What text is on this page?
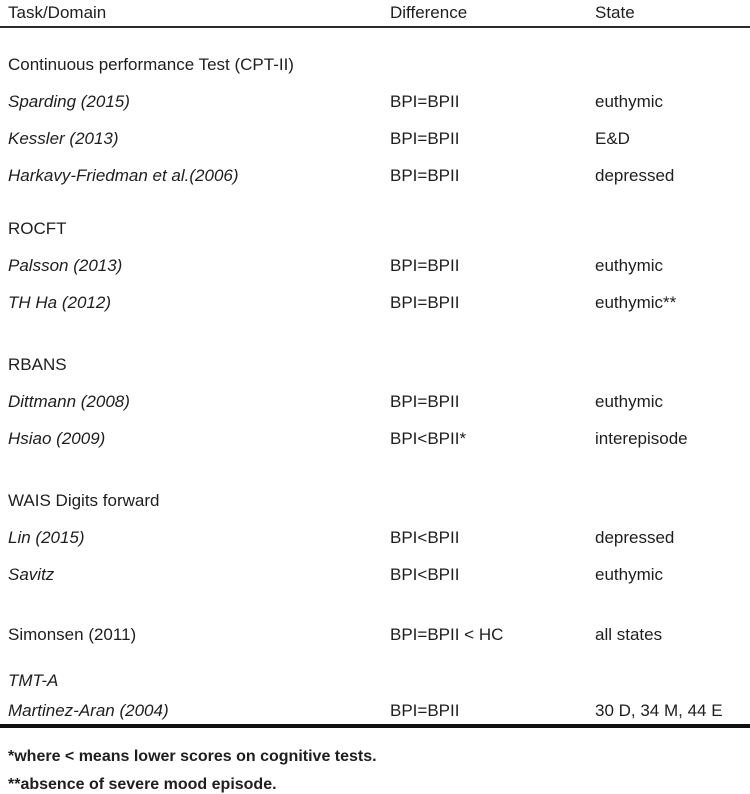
Task/Domain	Difference	State
Continuous performance Test (CPT-II)
Sparding (2015)	BPI=BPII	euthymic
Kessler (2013)	BPI=BPII	E&D
Harkavy-Friedman et al.(2006)	BPI=BPII	depressed
ROCFT
Palsson (2013)	BPI=BPII	euthymic
TH Ha (2012)	BPI=BPII	euthymic**
RBANS
Dittmann (2008)	BPI=BPII	euthymic
Hsiao (2009)	BPI<BPII*	interepisode
WAIS Digits forward
Lin (2015)	BPI<BPII	depressed
Savitz	BPI<BPII	euthymic
Simonsen (2011)	BPI=BPII < HC	all states
TMT-A
Martinez-Aran (2004)	BPI=BPII	30 D, 34 M, 44 E
*where < means lower scores on cognitive tests.
**absence of severe mood episode.
